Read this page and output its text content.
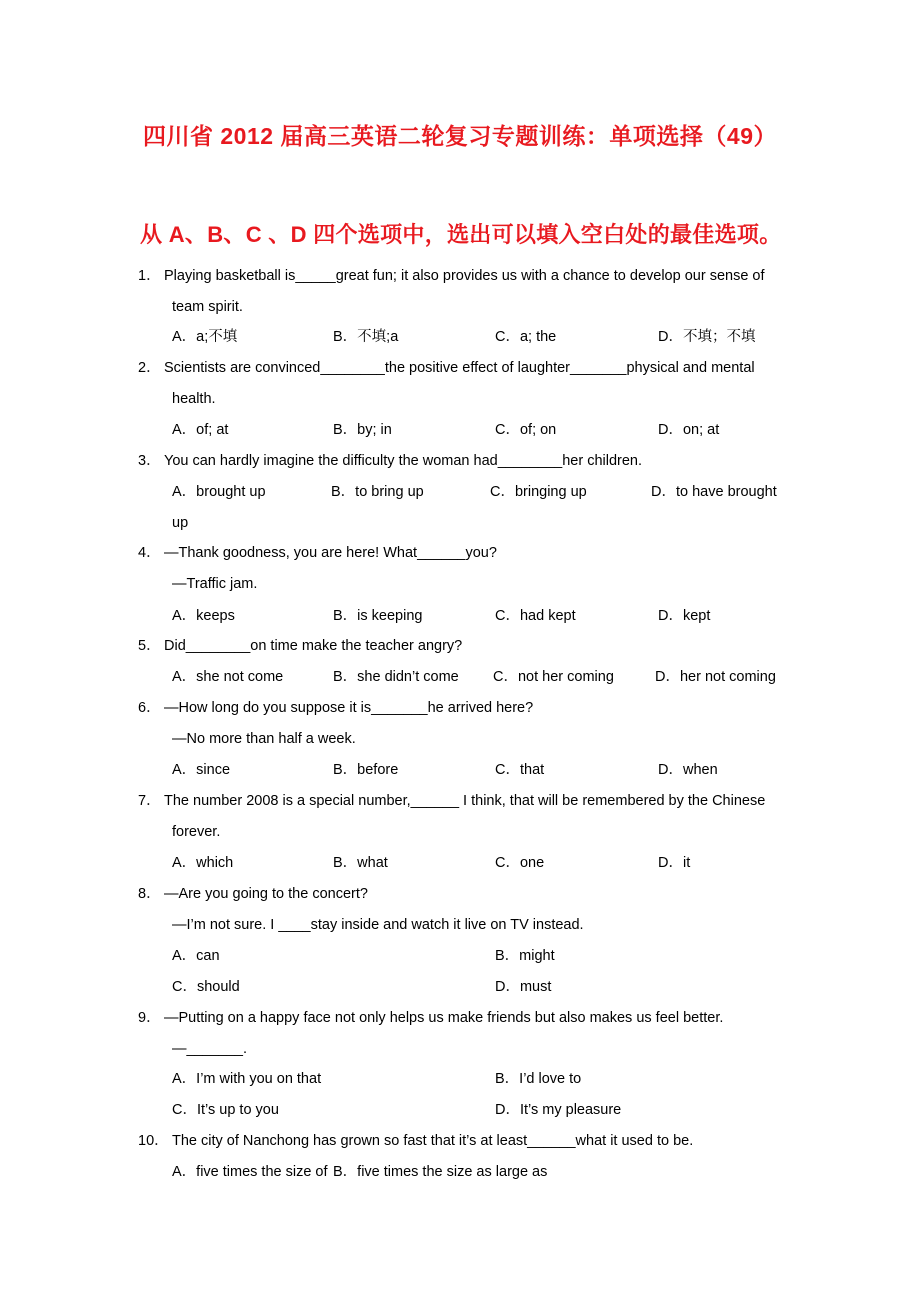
四川省 2012 届高三英语二轮复习专题训练：单项选择（49）
从 A、B、C 、D 四个选项中，选出可以填入空白处的最佳选项。
1． Playing basketball is_____great fun; it also provides us with a chance to develop our sense of
team spirit.
A．a;不填	B．不填;a	C．a; the	D．不填；不填
2． Scientists are convinced________the positive effect of laughter_______physical and mental
health.
A．of; at	B．by; in	C．of; on	D．on; at
3． You can hardly imagine the difficulty the woman had________her children.
A．brought up	B．to bring up	C．bringing up	D．to have brought
up
4． —Thank goodness, you are here! What______you?
—Traffic jam.
A．keeps	B．is keeping	C．had kept	D．kept
5． Did________on time make the teacher angry?
A．she not come	B．she didn’t come C．not her coming	D．her not coming
6． —How long do you suppose it is_______he arrived here?
—No more than half a week.
A．since	B．before	C．that	D．when
7． The number 2008 is a special number,______ I think, that will be remembered by the Chinese
forever.
A．which	B．what	C．one	D．it
8． —Are you going to the concert?
—I’m not sure. I ____stay inside and watch it live on TV instead.
A．can	B．might
C．should	D．must
9． —Putting on a happy face not only helps us make friends but also makes us feel better.
—_______.
A．I’m with you on that	B．I’d love to
C．It’s up to you	D．It’s my pleasure
10． The city of Nanchong has grown so fast that it’s at least______what it used to be.
A．five times the size of B．five times the size as large as
